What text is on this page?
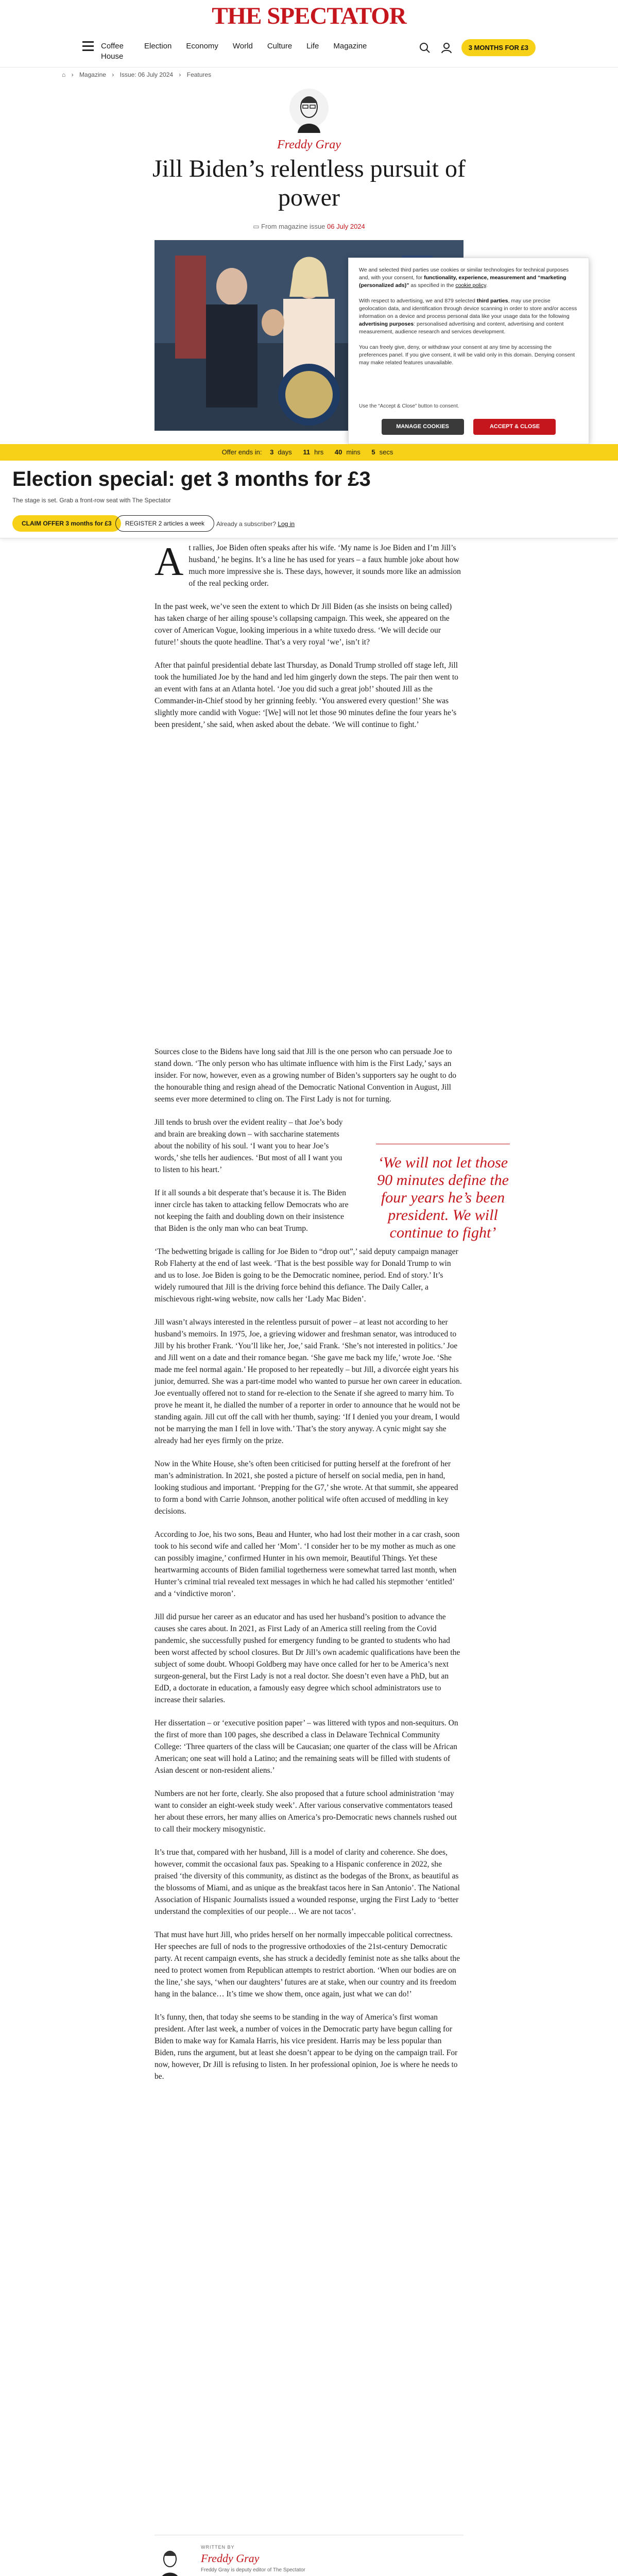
THE SPECTATOR
Coffee HouseElection Economy World Culture Life Magazine	3 MONTHS FOR £3
⌂ › Magazine › Issue: 06 July 2024 › Features
Freddy Gray
Jill Biden’s relentless pursuit of power
▭ From magazine issue 06 July 2024
We and selected third parties use cookies or similar technologies for technical purposes and, with your consent, for functionality, experience, measurement and “marketing (personalized ads)” as specified in the cookie policy.

With respect to advertising, we and 879 selected third parties, may use precise geolocation data, and identification through device scanning in order to store and/or access information on a device and process personal data like your usage data for the following advertising purposes: personalised advertising and content, advertising and content measurement, audience research and services development.

You can freely give, deny, or withdraw your consent at any time by accessing the preferences panel. If you give consent, it will be valid only in this domain. Denying consent may make related features unavailable.
Use the “Accept & Close” button to consent.
MANAGE COOKIES	ACCEPT & CLOSE
Offer ends in: 3 days 11 hrs 40 mins 5 secs
Election special: get 3 months for £3
The stage is set. Grab a front-row seat with The Spectator
CLAIM OFFER 3 months for £3	REGISTER 2 articles a week	Already a subscriber? Log in

At rallies, Joe Biden often speaks after his wife. ‘My name is Joe Biden and I’m Jill’s husband,’ he begins. It’s a line he has used for years – a faux humble joke about how much more impressive she is. These days, however, it sounds more like an admission of the real pecking order.

In the past week, we’ve seen the extent to which Dr Jill Biden (as she insists on being called) has taken charge of her ailing spouse’s collapsing campaign. This week, she appeared on the cover of American Vogue, looking imperious in a white tuxedo dress. ‘We will decide our future!’ shouts the quote headline. That’s a very royal ‘we’, isn’t it?

After that painful presidential debate last Thursday, as Donald Trump strolled off stage left, Jill took the humiliated Joe by the hand and led him gingerly down the steps. The pair then went to an event with fans at an Atlanta hotel. ‘Joe you did such a great job!’ shouted Jill as the Commander-in-Chief stood by her grinning feebly. ‘You answered every question!’ She was slightly more candid with Vogue: ‘[We] will not let those 90 minutes define the four years he’s been president,’ she said, when asked about the debate. ‘We will continue to fight.’

Sources close to the Bidens have long said that Jill is the one person who can persuade Joe to stand down. ‘The only person who has ultimate influence with him is the First Lady,’ says an insider. For now, however, even as a growing number of Biden’s supporters say he ought to do the honourable thing and resign ahead of the Democratic National Convention in August, Jill seems ever more determined to cling on. The First Lady is not for turning.

Jill tends to brush over the evident reality – that Joe’s body and brain are breaking down – with saccharine statements about the nobility of his soul. ‘I want you to hear Joe’s words,’ she tells her audiences. ‘But most of all I want you to listen to his heart.’

If it all sounds a bit desperate that’s because it is. The Biden inner circle has taken to attacking fellow Democrats who are not keeping the faith and doubling down on their insistence that Biden is the only man who can beat Trump.

‘The bedwetting brigade is calling for Joe Biden to “drop out”,’ said deputy campaign manager Rob Flaherty at the end of last week. ‘That is the best possible way for Donald Trump to win and us to lose. Joe Biden is going to be the Democratic nominee, period. End of story.’ It’s widely rumoured that Jill is the driving force behind this defiance. The Daily Caller, a mischievous right-wing website, now calls her ‘Lady Mac Biden’.

Jill wasn’t always interested in the relentless pursuit of power – at least not according to her husband’s memoirs. In 1975, Joe, a grieving widower and freshman senator, was introduced to Jill by his brother Frank. ‘You’ll like her, Joe,’ said Frank. ‘She’s not interested in politics.’ Joe and Jill went on a date and their romance began. ‘She gave me back my life,’ wrote Joe. ‘She made me feel normal again.’ He proposed to her repeatedly – but Jill, a divorcée eight years his junior, demurred. She was a part-time model who wanted to pursue her own career in education. Joe eventually offered not to stand for re-election to the Senate if she agreed to marry him. To prove he meant it, he dialled the number of a reporter in order to announce that he would not be standing again. Jill cut off the call with her thumb, saying: ‘If I denied you your dream, I would not be marrying the man I fell in love with.’ That’s the story anyway. A cynic might say she already had her eyes firmly on the prize.

Now in the White House, she’s often been criticised for putting herself at the forefront of her man’s administration. In 2021, she posted a picture of herself on social media, pen in hand, looking studious and important. ‘Prepping for the G7,’ she wrote. At that summit, she appeared to form a bond with Carrie Johnson, another political wife often accused of meddling in key decisions.

According to Joe, his two sons, Beau and Hunter, who had lost their mother in a car crash, soon took to his second wife and called her ‘Mom’. ‘I consider her to be my mother as much as one can possibly imagine,’ confirmed Hunter in his own memoir, Beautiful Things. Yet these heartwarming accounts of Biden familial togetherness were somewhat tarred last month, when Hunter’s criminal trial revealed text messages in which he had called his stepmother ‘entitled’ and a ‘vindictive moron’.

Jill did pursue her career as an educator and has used her husband’s position to advance the causes she cares about. In 2021, as First Lady of an America still reeling from the Covid pandemic, she successfully pushed for emergency funding to be granted to students who had been worst affected by school closures. But Dr Jill’s own academic qualifications have been the subject of some doubt. Whoopi Goldberg may have once called for her to be America’s next surgeon-general, but the First Lady is not a real doctor. She doesn’t even have a PhD, but an EdD, a doctorate in education, a famously easy degree which school administrators use to increase their salaries.

Her dissertation – or ‘executive position paper’ – was littered with typos and non-sequiturs. On the first of more than 100 pages, she described a class in Delaware Technical Community College: ‘Three quarters of the class will be Caucasian; one quarter of the class will be African American; one seat will hold a Latino; and the remaining seats will be filled with students of Asian descent or non-resident aliens.’

Numbers are not her forte, clearly. She also proposed that a future school administration ‘may want to consider an eight-week study week’. After various conservative commentators teased her about these errors, her many allies on America’s pro-Democratic news channels rushed out to call their mockery misogynistic.

It’s true that, compared with her husband, Jill is a model of clarity and coherence. She does, however, commit the occasional faux pas. Speaking to a Hispanic conference in 2022, she praised ‘the diversity of this community, as distinct as the bodegas of the Bronx, as beautiful as the blossoms of Miami, and as unique as the breakfast tacos here in San Antonio’. The National Association of Hispanic Journalists issued a wounded response, urging the First Lady to ‘better understand the complexities of our people… We are not tacos’.

That must have hurt Jill, who prides herself on her normally impeccable political correctness. Her speeches are full of nods to the progressive orthodoxies of the 21st-century Democratic party. At recent campaign events, she has struck a decidedly feminist note as she talks about the need to protect women from Republican attempts to restrict abortion. ‘When our bodies are on the line,’ she says, ‘when our daughters’ futures are at stake, when our country and its freedom hang in the balance… It’s time we show them, once again, just what we can do!’

It’s funny, then, that today she seems to be standing in the way of America’s first woman president. After last week, a number of voices in the Democratic party have begun calling for Biden to make way for Kamala Harris, his vice president. Harris may be less popular than Biden, runs the argument, but at least she doesn’t appear to be dying on the campaign trail. For now, however, Dr Jill is refusing to listen. In her professional opinion, Joe is where he needs to be.

‘We will not let those 90 minutes define the four years he’s been president. We will continue to fight’
WRITTEN BY
Freddy Gray
Freddy Gray is deputy editor of The Spectator
